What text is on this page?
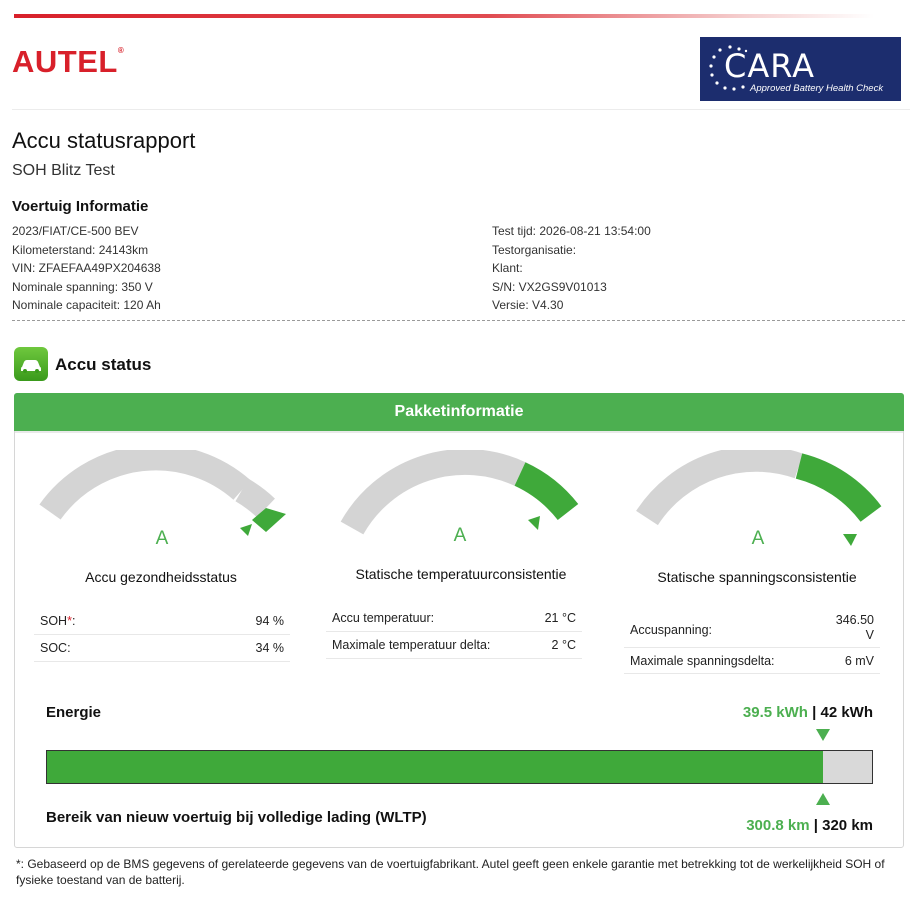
AUTEL®	CARA
Approved Battery Health Check
Accu statusrapport
SOH Blitz Test
Voertuig Informatie
2023/FIAT/CE-500 BEV
Kilometerstand: 24143km
VIN: ZFAEFAA49PX204638
Nominale spanning: 350 V
Nominale capaciteit: 120 Ah
Test tijd: 2026-08-21 13:54:00
Testorganisatie:
Klant:
S/N: VX2GS9V01013
Versie: V4.30
Accu status
Pakketinformatie
A
Accu gezondheidsstatus
A
Statische temperatuurconsistentie
A
Statische spanningsconsistentie
SOH*:	94 %
SOC:	34 %
Accu temperatuur:	21 °C
Maximale temperatuur delta:	2 °C
Accuspanning:
346.50 V
Maximale spanningsdelta:	6 mV
Energie	39.5 kWh | 42 kWh
Bereik van nieuw voertuig bij volledige lading (WLTP)	300.8 km | 320 km
*: Gebaseerd op de BMS gegevens of gerelateerde gegevens van de voertuigfabrikant. Autel geeft geen enkele garantie met betrekking tot de werkelijkheid SOH of fysieke toestand van de batterij.
